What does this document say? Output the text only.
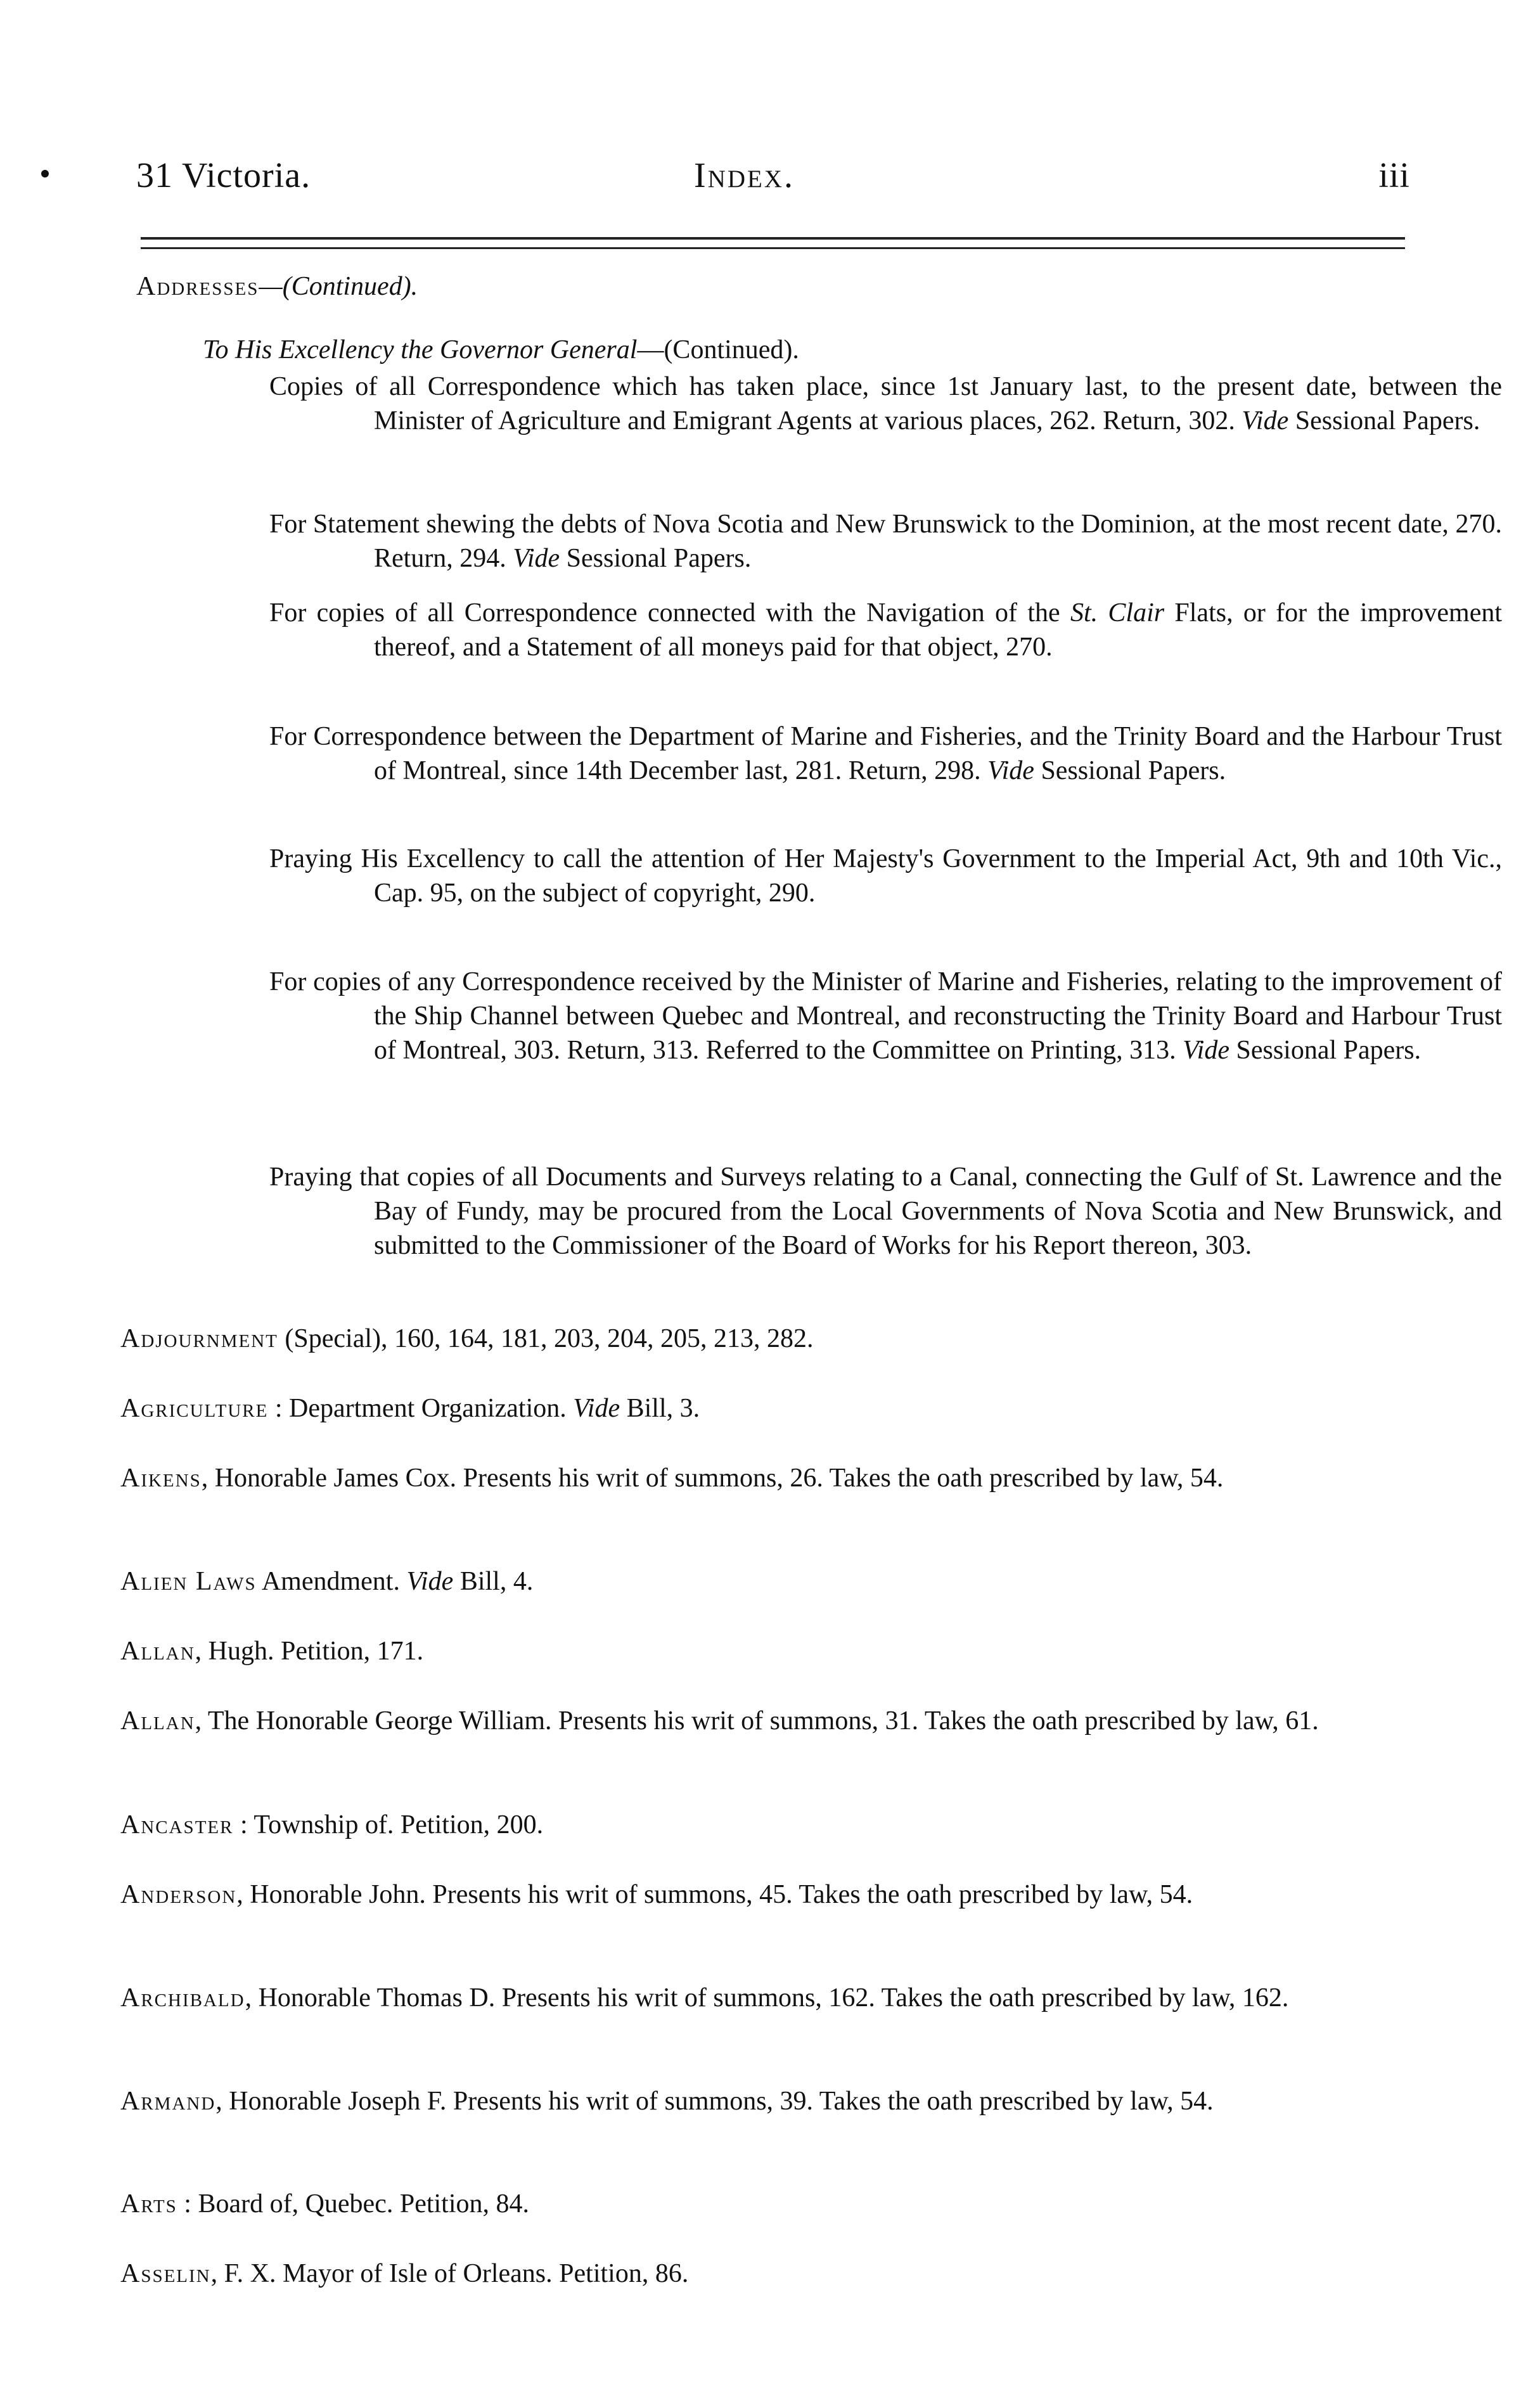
31 Victoria.	Index.	iii
Addresses—(Continued).
To His Excellency the Governor General—(Continued).
Copies of all Correspondence which has taken place, since 1st January last, to the present date, between the Minister of Agriculture and Emigrant Agents at various places, 262. Return, 302. Vide Sessional Papers.
For Statement shewing the debts of Nova Scotia and New Brunswick to the Dominion, at the most recent date, 270. Return, 294. Vide Sessional Papers.
For copies of all Correspondence connected with the Navigation of the St. Clair Flats, or for the improvement thereof, and a Statement of all moneys paid for that object, 270.
For Correspondence between the Department of Marine and Fisheries, and the Trinity Board and the Harbour Trust of Montreal, since 14th December last, 281. Return, 298. Vide Sessional Papers.
Praying His Excellency to call the attention of Her Majesty's Government to the Imperial Act, 9th and 10th Vic., Cap. 95, on the subject of copyright, 290.
For copies of any Correspondence received by the Minister of Marine and Fisheries, relating to the improvement of the Ship Channel between Quebec and Montreal, and reconstructing the Trinity Board and Harbour Trust of Montreal, 303. Return, 313. Referred to the Committee on Printing, 313. Vide Sessional Papers.
Praying that copies of all Documents and Surveys relating to a Canal, connecting the Gulf of St. Lawrence and the Bay of Fundy, may be procured from the Local Governments of Nova Scotia and New Brunswick, and submitted to the Commissioner of the Board of Works for his Report thereon, 303.
Adjournment (Special), 160, 164, 181, 203, 204, 205, 213, 282.
Agriculture : Department Organization. Vide Bill, 3.
Aikens, Honorable James Cox. Presents his writ of summons, 26. Takes the oath prescribed by law, 54.
Alien Laws Amendment. Vide Bill, 4.
Allan, Hugh. Petition, 171.
Allan, The Honorable George William. Presents his writ of summons, 31. Takes the oath prescribed by law, 61.
Ancaster : Township of. Petition, 200.
Anderson, Honorable John. Presents his writ of summons, 45. Takes the oath prescribed by law, 54.
Archibald, Honorable Thomas D. Presents his writ of summons, 162. Takes the oath prescribed by law, 162.
Armand, Honorable Joseph F. Presents his writ of summons, 39. Takes the oath prescribed by law, 54.
Arts : Board of, Quebec. Petition, 84.
Asselin, F. X. Mayor of Isle of Orleans. Petition, 86.
